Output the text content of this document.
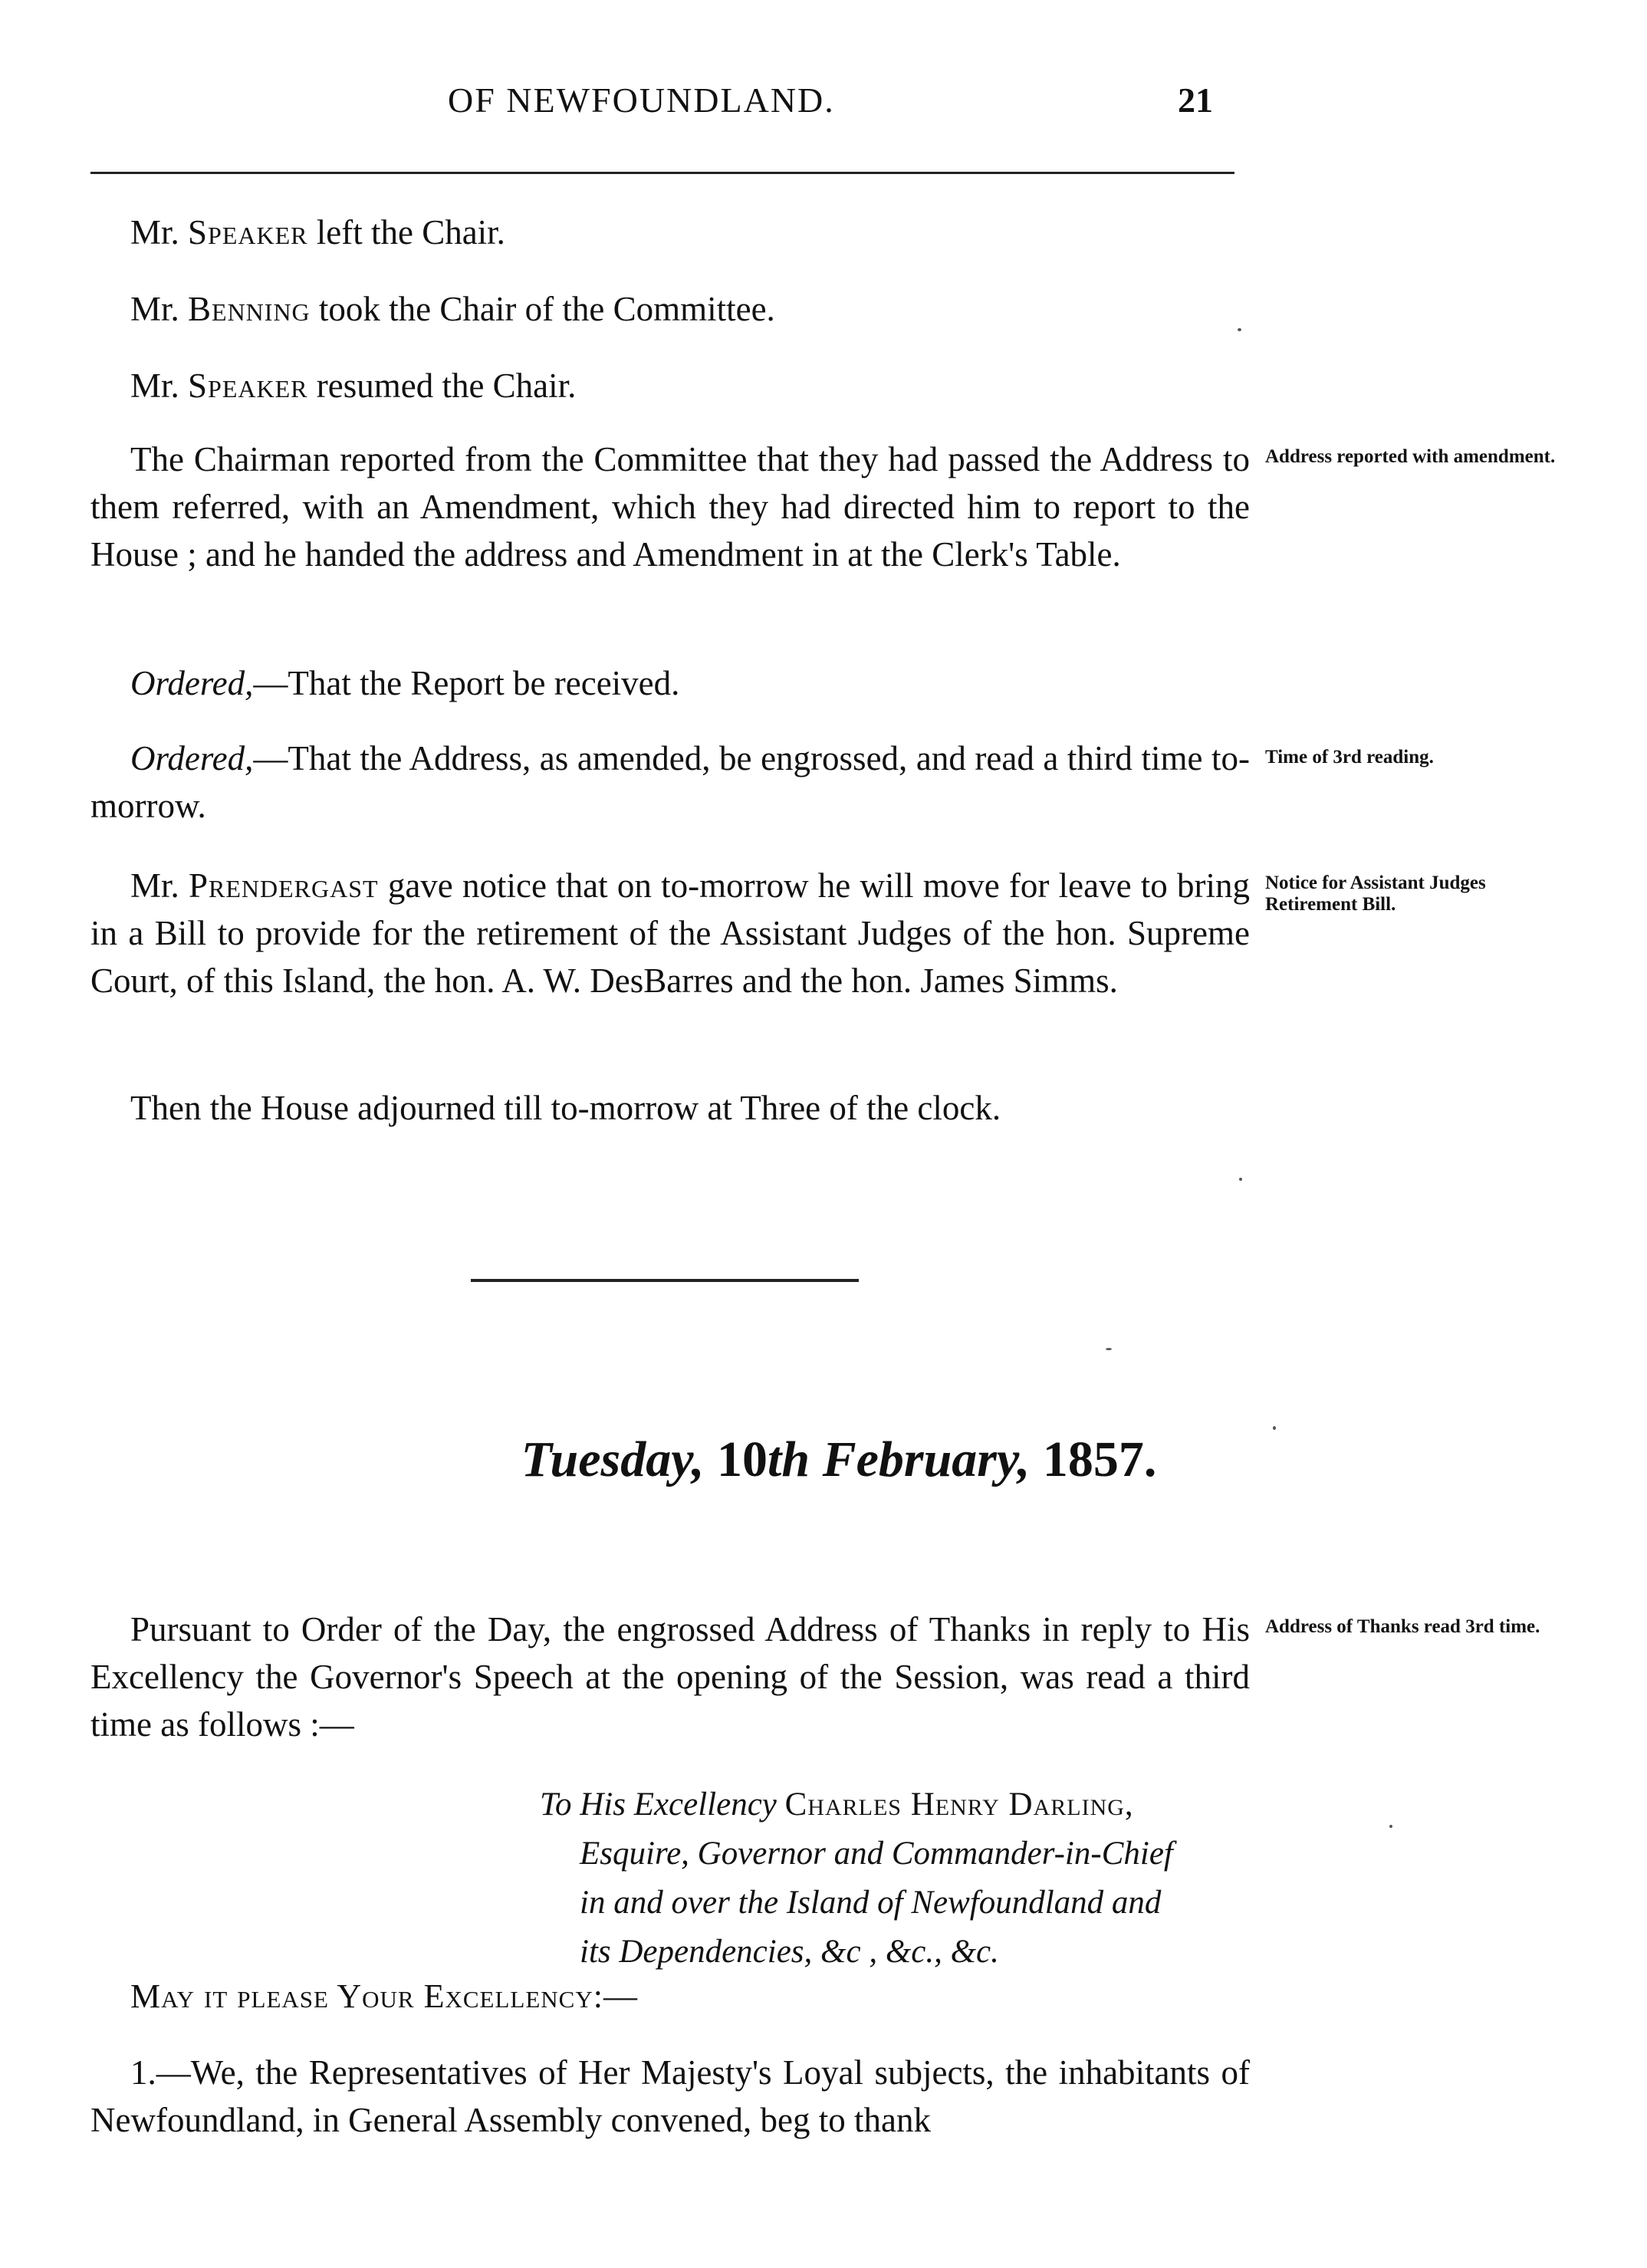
OF NEWFOUNDLAND.	21

Mr. Speaker left the Chair.

Mr. Benning took the Chair of the Committee.

Mr. Speaker resumed the Chair.

The Chairman reported from the Committee that they had passed the Address to them referred, with an Amendment, which they had directed him to report to the House ; and he handed the address and Amendment in at the Clerk's Table.

Address reported with amendment.

Ordered,—That the Report be received.

Ordered,—That the Address, as amended, be engrossed, and read a third time to-morrow.

Time of 3rd reading.

Mr. Prendergast gave notice that on to-morrow he will move for leave to bring in a Bill to provide for the retirement of the Assistant Judges of the hon. Supreme Court, of this Island, the hon. A. W. DesBarres and the hon. James Simms.

Notice for Assistant Judges Retirement Bill.

Then the House adjourned till to-morrow at Three of the clock.

Tuesday, 10th February, 1857.

Pursuant to Order of the Day, the engrossed Address of Thanks in reply to His Excellency the Governor's Speech at the opening of the Session, was read a third time as follows :—

Address of Thanks read 3rd time.

To His Excellency Charles Henry Darling,
Esquire, Governor and Commander-in-Chief
in and over the Island of Newfoundland and
its Dependencies, &c , &c., &c.

May it please Your Excellency:—

1.—We, the Representatives of Her Majesty's Loyal subjects, the inhabitants of Newfoundland, in General Assembly convened, beg to thank
